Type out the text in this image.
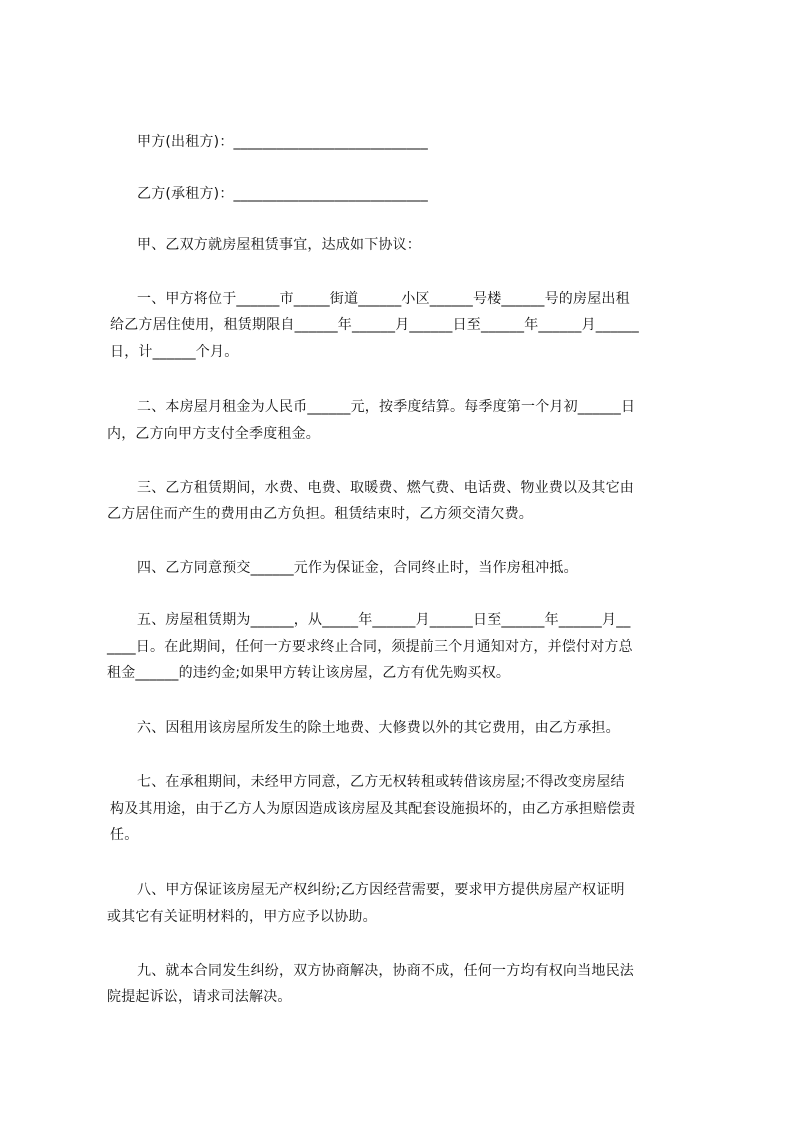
甲方(出租方)：___________________________
乙方(承租方)：___________________________
甲、乙双方就房屋租赁事宜，达成如下协议：
一、甲方将位于______市_____街道______小区______号楼______号的房屋出租
给乙方居住使用，租赁期限自______年______月______日至______年______月______
日，计______个月。
二、本房屋月租金为人民币______元，按季度结算。每季度第一个月初______日
内，乙方向甲方支付全季度租金。
三、乙方租赁期间，水费、电费、取暖费、燃气费、电话费、物业费以及其它由
乙方居住而产生的费用由乙方负担。租赁结束时，乙方须交清欠费。
四、乙方同意预交______元作为保证金，合同终止时，当作房租冲抵。
五、房屋租赁期为______，从_____年______月______日至______年______月__
____日。在此期间，任何一方要求终止合同，须提前三个月通知对方，并偿付对方总
租金______的违约金;如果甲方转让该房屋，乙方有优先购买权。
六、因租用该房屋所发生的除土地费、大修费以外的其它费用，由乙方承担。
七、在承租期间，未经甲方同意，乙方无权转租或转借该房屋;不得改变房屋结
构及其用途，由于乙方人为原因造成该房屋及其配套设施损坏的，由乙方承担赔偿责
任。
八、甲方保证该房屋无产权纠纷;乙方因经营需要，要求甲方提供房屋产权证明
或其它有关证明材料的，甲方应予以协助。
九、就本合同发生纠纷，双方协商解决，协商不成，任何一方均有权向当地民法
院提起诉讼，请求司法解决。
